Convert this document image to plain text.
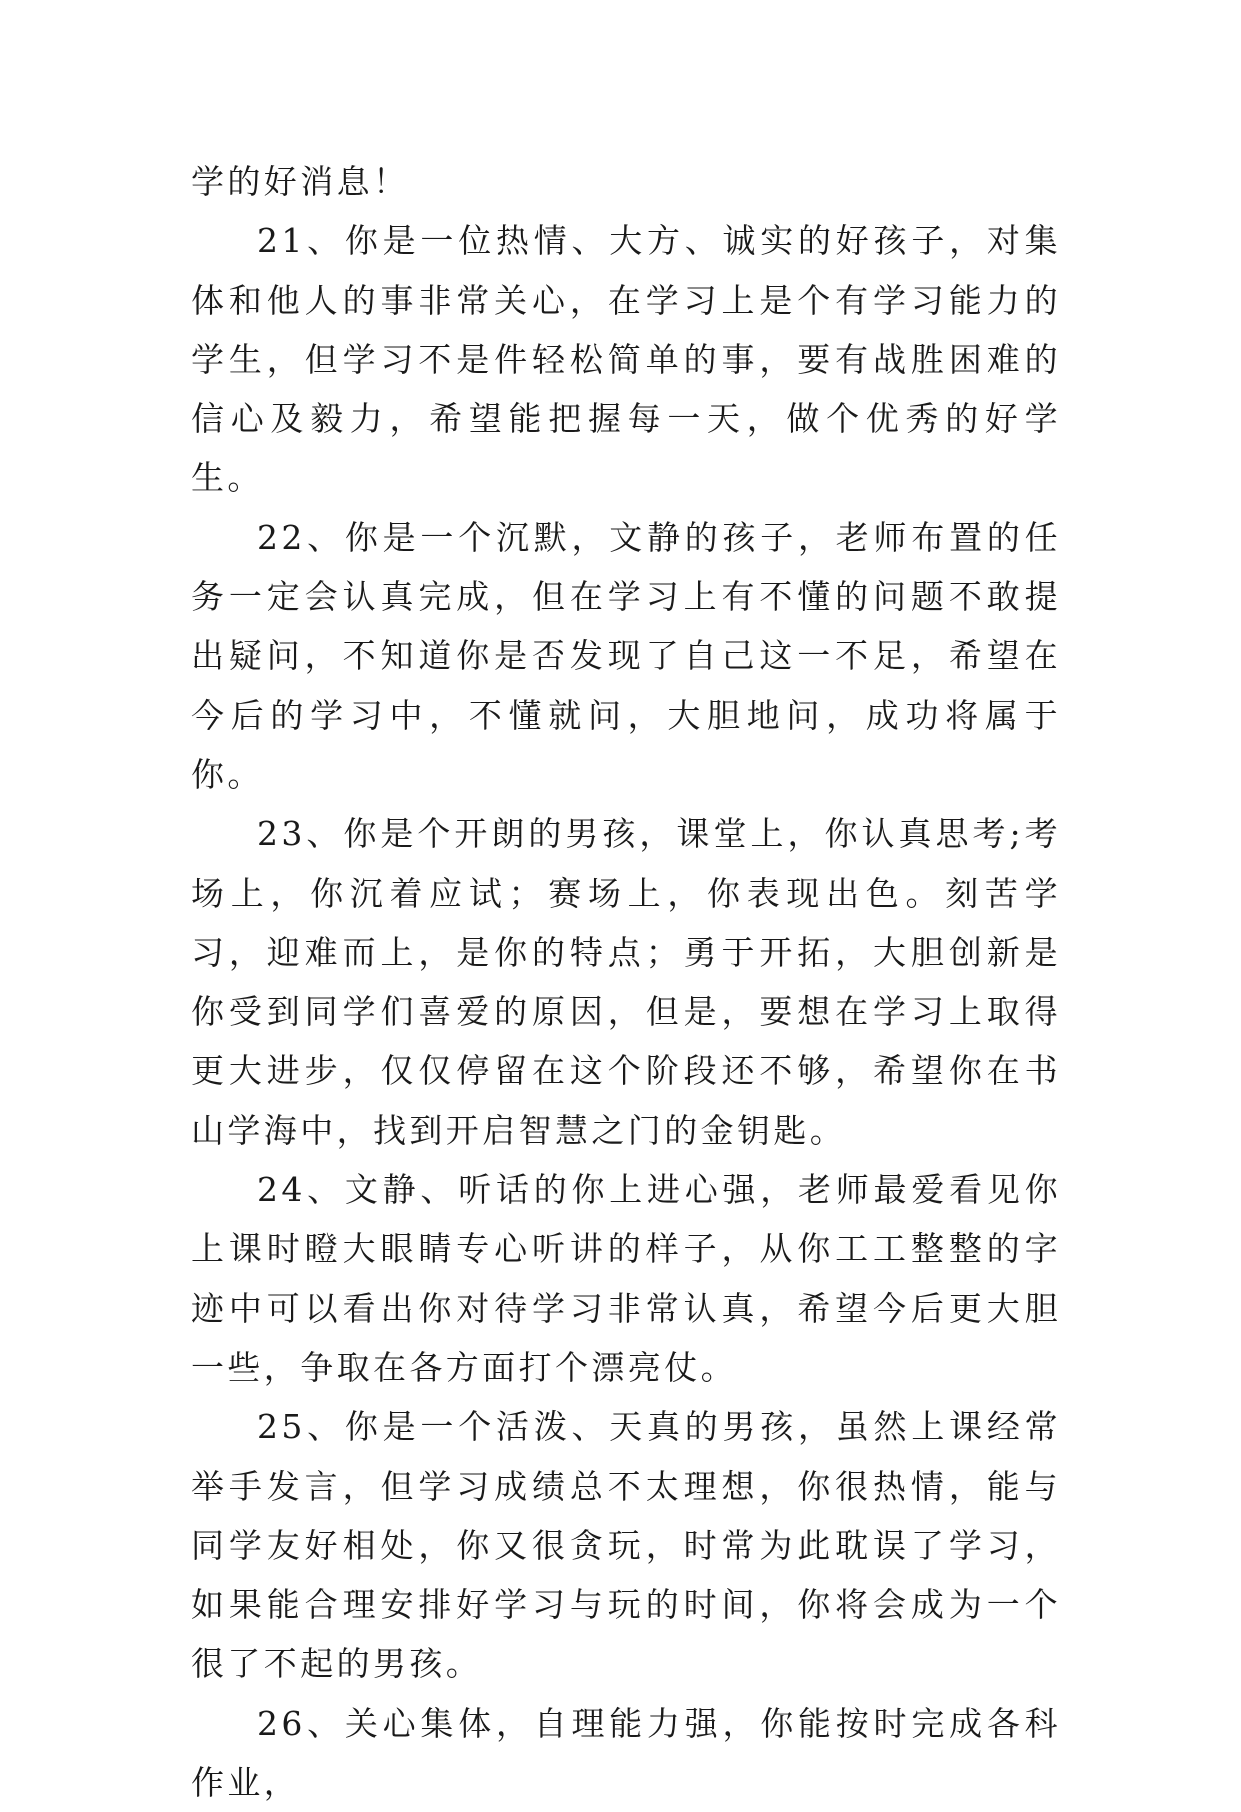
学的好消息！

21、你是一位热情、大方、诚实的好孩子，对集体和他人的事非常关心，在学习上是个有学习能力的学生，但学习不是件轻松简单的事，要有战胜困难的信心及毅力，希望能把握每一天，做个优秀的好学生。

22、你是一个沉默，文静的孩子，老师布置的任务一定会认真完成，但在学习上有不懂的问题不敢提出疑问，不知道你是否发现了自己这一不足，希望在今后的学习中，不懂就问，大胆地问，成功将属于你。

23、你是个开朗的男孩，课堂上，你认真思考;考场上，你沉着应试；赛场上，你表现出色。刻苦学习，迎难而上，是你的特点；勇于开拓，大胆创新是你受到同学们喜爱的原因，但是，要想在学习上取得更大进步，仅仅停留在这个阶段还不够，希望你在书山学海中，找到开启智慧之门的金钥匙。

24、文静、听话的你上进心强，老师最爱看见你上课时瞪大眼睛专心听讲的样子，从你工工整整的字迹中可以看出你对待学习非常认真，希望今后更大胆一些，争取在各方面打个漂亮仗。

25、你是一个活泼、天真的男孩，虽然上课经常举手发言，但学习成绩总不太理想，你很热情，能与同学友好相处，你又很贪玩，时常为此耽误了学习，如果能合理安排好学习与玩的时间，你将会成为一个很了不起的男孩。

26、关心集体，自理能力强，你能按时完成各科作业，
